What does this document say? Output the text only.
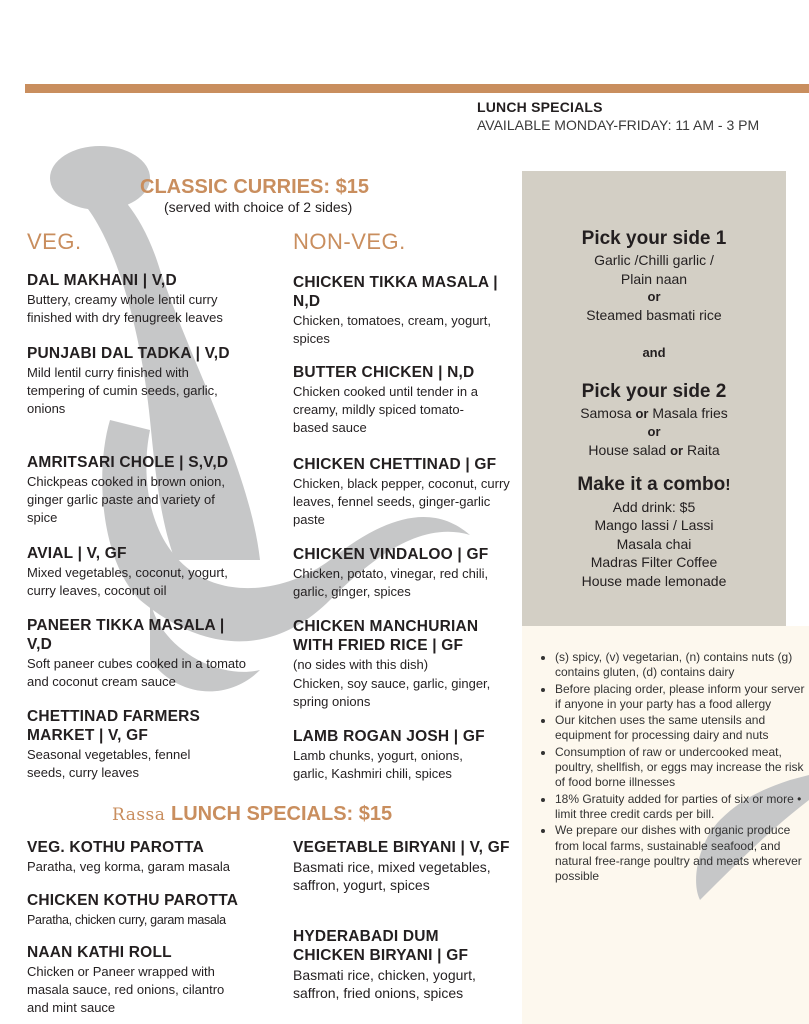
LUNCH SPECIALS
AVAILABLE MONDAY-FRIDAY: 11 AM - 3 PM
CLASSIC CURRIES: $15
(served with choice of 2 sides)
VEG.	NON-VEG.
DAL MAKHANI | V,D

Buttery, creamy whole lentil curry finished with dry fenugreek leaves

PUNJABI DAL TADKA | V,D

Mild lentil curry finished with tempering of cumin seeds, garlic, onions

AMRITSARI CHOLE | S,V,D

Chickpeas cooked in brown onion, ginger garlic paste and variety of spice

AVIAL | V, GF

Mixed vegetables, coconut, yogurt, curry leaves, coconut oil

PANEER TIKKA MASALA | V,D

Soft paneer cubes cooked in a tomato and coconut cream sauce

CHETTINAD FARMERS MARKET | V, GF

Seasonal vegetables, fennel seeds, curry leaves

CHICKEN TIKKA MASALA | N,D

Chicken, tomatoes, cream, yogurt, spices

BUTTER CHICKEN | N,D

Chicken cooked until tender in a creamy, mildly spiced tomato-based sauce

CHICKEN CHETTINAD | GF

Chicken, black pepper, coconut, curry leaves, fennel seeds, ginger-garlic paste

CHICKEN VINDALOO | GF

Chicken, potato, vinegar, red chili, garlic, ginger, spices

CHICKEN MANCHURIAN WITH FRIED RICE | GF

(no sides with this dish)

Chicken, soy sauce, garlic, ginger, spring onions

LAMB ROGAN JOSH | GF

Lamb chunks, yogurt, onions, garlic, Kashmiri chili, spices

Pick your side 1
Garlic /Chilli garlic /
Plain naan
or
Steamed basmati rice
and
Pick your side 2
Samosa or Masala fries
or
House salad or Raita
Make it a combo!
Add drink: $5
Mango lassi / Lassi
Masala chai
Madras Filter Coffee
House made lemonade
Rassa LUNCH SPECIALS: $15
VEG. KOTHU PAROTTA

Paratha, veg korma, garam masala

CHICKEN KOTHU PAROTTA

Paratha, chicken curry, garam masala

NAAN KATHI ROLL

Chicken or Paneer wrapped with masala sauce, red onions, cilantro and mint sauce

VEGETABLE BIRYANI | V, GF

Basmati rice, mixed vegetables, saffron, yogurt, spices

HYDERABADI DUM CHICKEN BIRYANI | GF

Basmati rice, chicken, yogurt, saffron, fried onions, spices

• (s) spicy, (v) vegetarian, (n) contains nuts (g) contains gluten, (d) contains dairy
• Before placing order, please inform your server if anyone in your party has a food allergy
• Our kitchen uses the same utensils and equipment for processing dairy and nuts
• Consumption of raw or undercooked meat, poultry, shellfish, or eggs may increase the risk of food borne illnesses
• 18% Gratuity added for parties of six or more • limit three credit cards per bill.
• We prepare our dishes with organic produce from local farms, sustainable seafood, and natural free-range poultry and meats wherever possible
